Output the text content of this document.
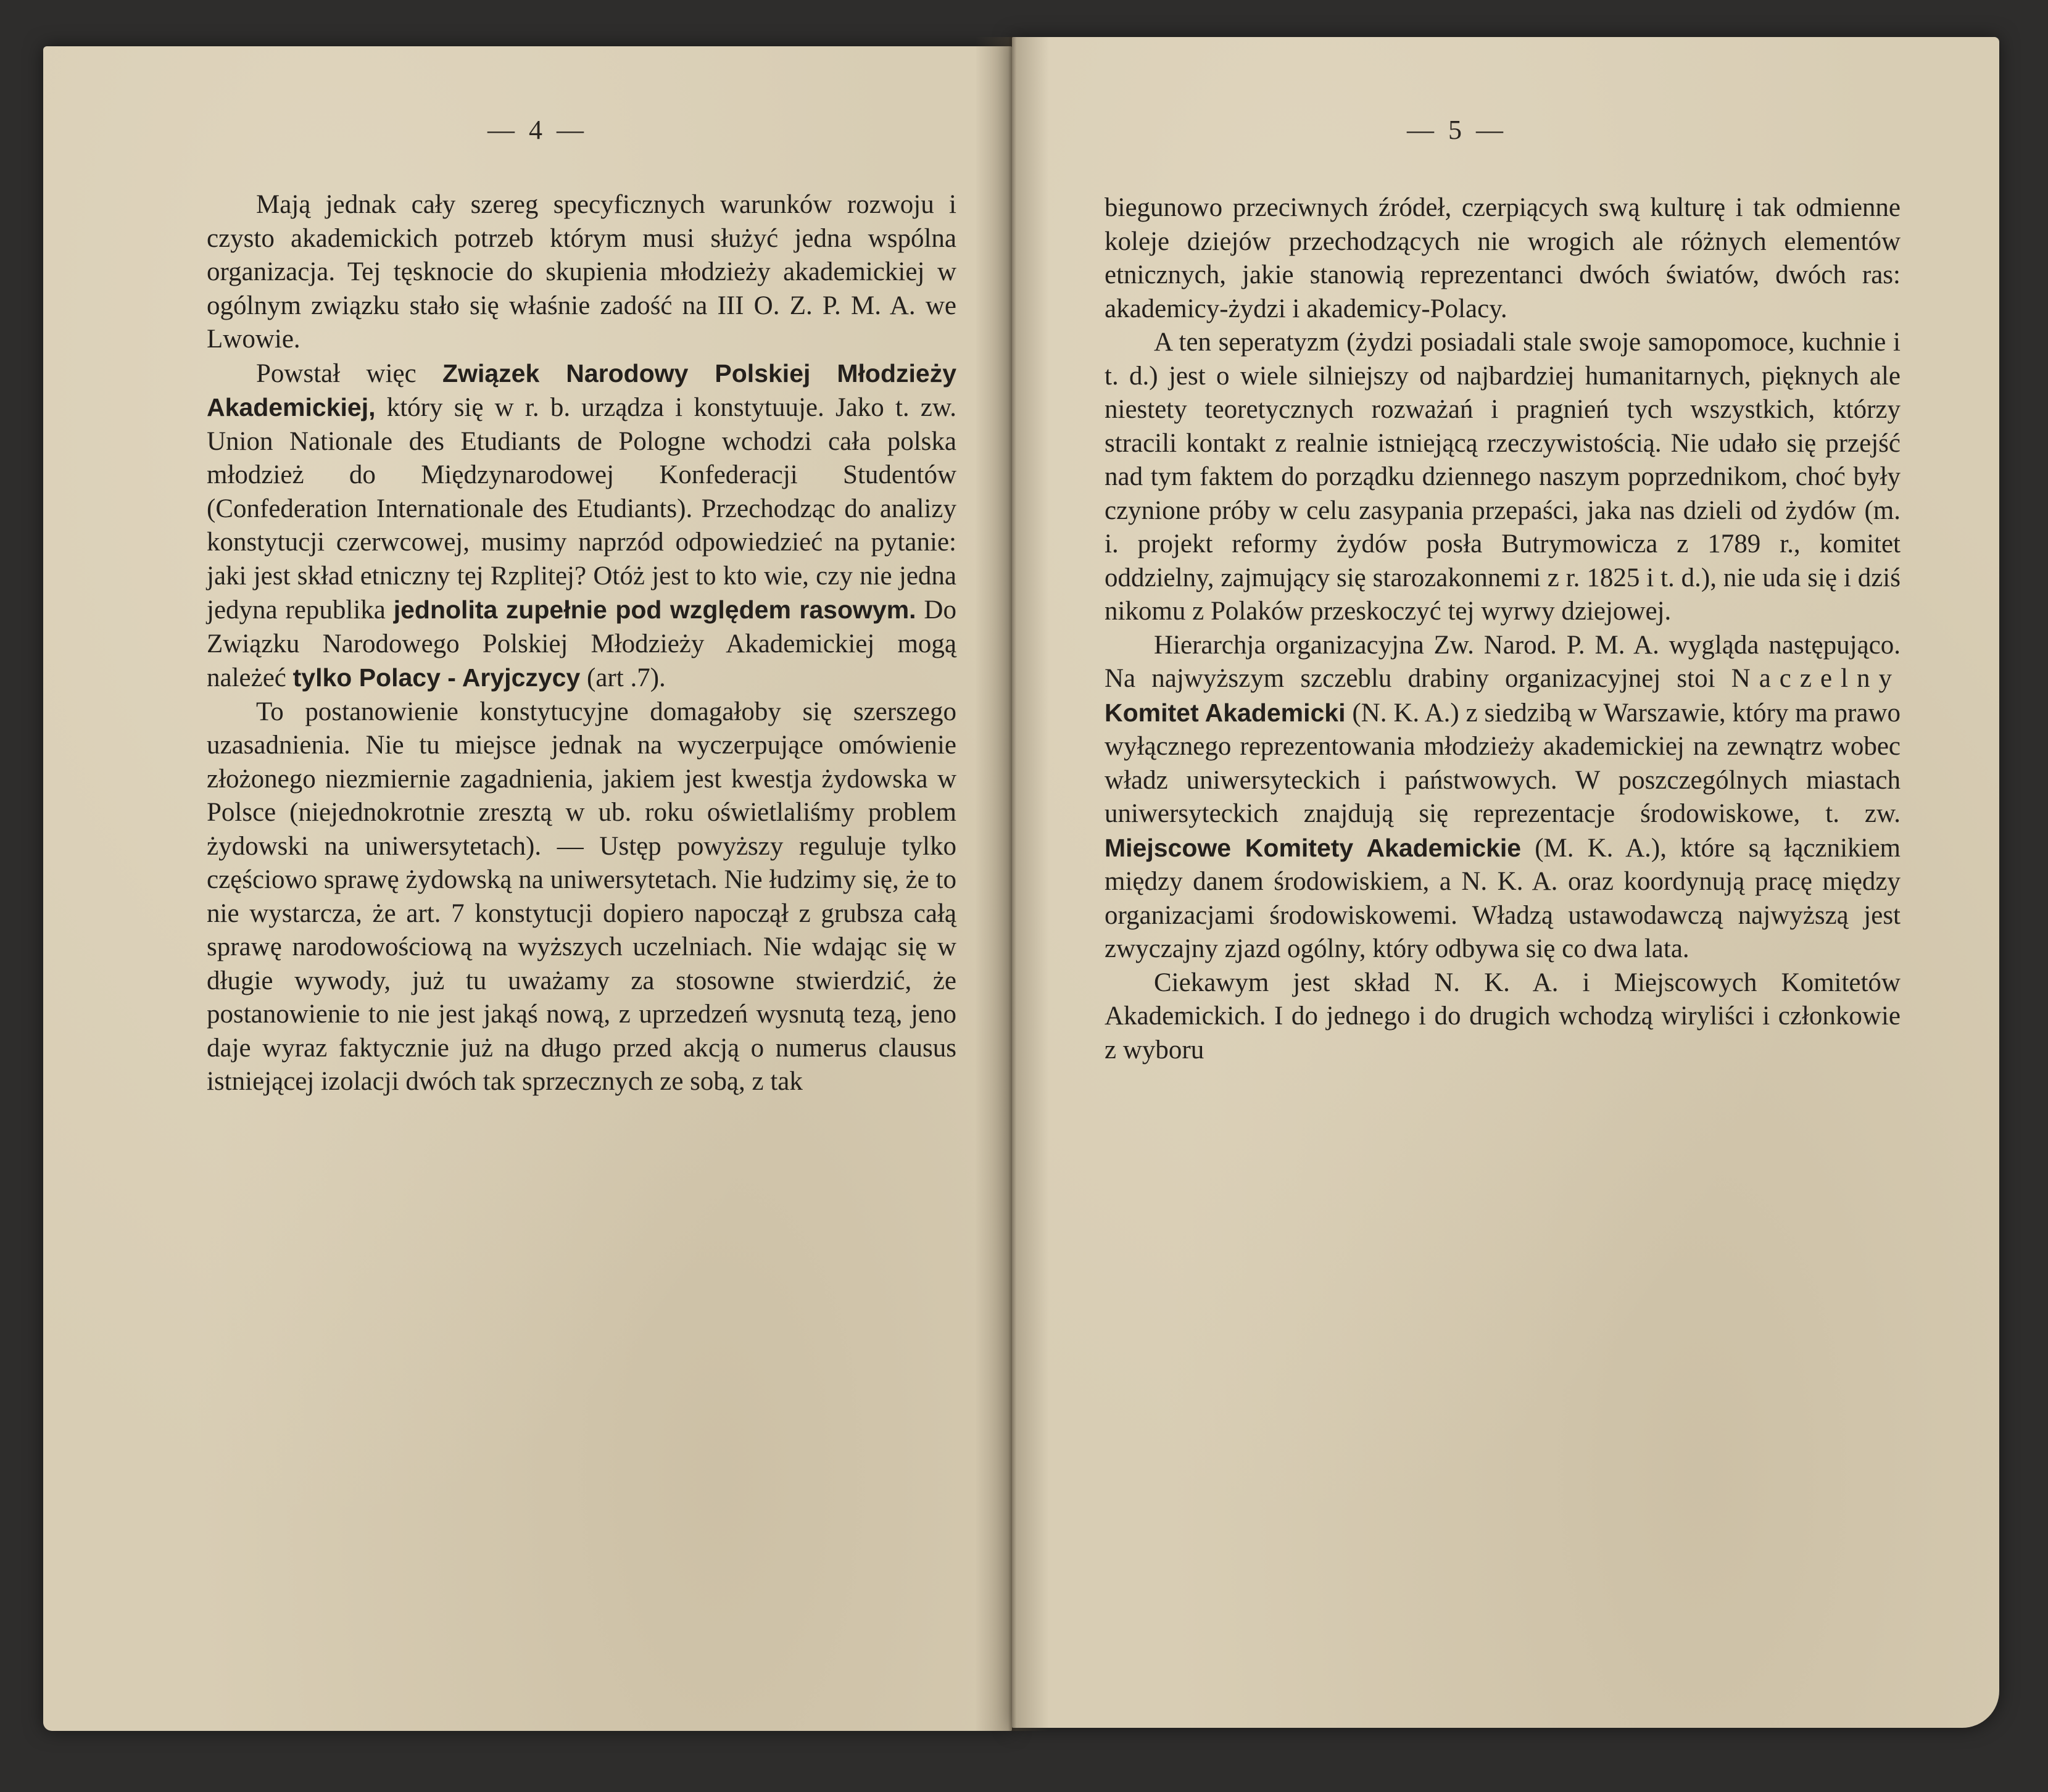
— 4 —

Mają jednak cały szereg specyficznych warunków rozwoju i czysto akademickich potrzeb którym musi służyć jedna wspólna organizacja. Tej tęsknocie do skupienia młodzieży akademickiej w ogólnym związku stało się właśnie zadość na III O. Z. P. M. A. we Lwowie.

Powstał więc Związek Narodowy Polskiej Młodzieży Akademickiej, który się w r. b. urządza i konstytuuje. Jako t. zw. Union Nationale des Etudiants de Pologne wchodzi cała polska młodzież do Międzynarodowej Konfederacji Studentów (Confederation Internationale des Etudiants). Przechodząc do analizy konstytucji czerwcowej, musimy naprzód odpowiedzieć na pytanie: jaki jest skład etniczny tej Rzplitej? Otóż jest to kto wie, czy nie jedna jedyna republika jednolita zupełnie pod względem rasowym. Do Związku Narodowego Polskiej Młodzieży Akademickiej mogą należeć tylko Polacy - Aryjczycy (art .7).

To postanowienie konstytucyjne domagałoby się szerszego uzasadnienia. Nie tu miejsce jednak na wyczerpujące omówienie złożonego niezmiernie zagadnienia, jakiem jest kwestja żydowska w Polsce (niejednokrotnie zresztą w ub. roku oświetlaliśmy problem żydowski na uniwersytetach). — Ustęp powyższy reguluje tylko częściowo sprawę żydowską na uniwersytetach. Nie łudzimy się, że to nie wystarcza, że art. 7 konstytucji dopiero napoczął z grubsza całą sprawę narodowościową na wyższych uczelniach. Nie wdając się w długie wywody, już tu uważamy za stosowne stwierdzić, że postanowienie to nie jest jakąś nową, z uprzedzeń wysnutą tezą, jeno daje wyraz faktycznie już na długo przed akcją o numerus clausus istniejącej izolacji dwóch tak sprzecznych ze sobą, z tak

— 5 —

biegunowo przeciwnych źródeł, czerpiących swą kulturę i tak odmienne koleje dziejów przechodzących nie wrogich ale różnych elementów etnicznych, jakie stanowią reprezentanci dwóch światów, dwóch ras: akademicy-żydzi i akademicy-Polacy.

A ten seperatyzm (żydzi posiadali stale swoje samopomoce, kuchnie i t. d.) jest o wiele silniejszy od najbardziej humanitarnych, pięknych ale niestety teoretycznych rozważań i pragnień tych wszystkich, którzy stracili kontakt z realnie istniejącą rzeczywistością. Nie udało się przejść nad tym faktem do porządku dziennego naszym poprzednikom, choć były czynione próby w celu zasypania przepaści, jaka nas dzieli od żydów (m. i. projekt reformy żydów posła Butrymowicza z 1789 r., komitet oddzielny, zajmujący się starozakonnemi z r. 1825 i t. d.), nie uda się i dziś nikomu z Polaków przeskoczyć tej wyrwy dziejowej.

Hierarchja organizacyjna Zw. Narod. P. M. A. wygląda następująco. Na najwyższym szczeblu drabiny organizacyjnej stoi Naczelny Komitet Akademicki (N. K. A.) z siedzibą w Warszawie, który ma prawo wyłącznego reprezentowania młodzieży akademickiej na zewnątrz wobec władz uniwersyteckich i państwowych. W poszczególnych miastach uniwersyteckich znajdują się reprezentacje środowiskowe, t. zw. Miejscowe Komitety Akademickie (M. K. A.), które są łącznikiem między danem środowiskiem, a N. K. A. oraz koordynują pracę między organizacjami środowiskowemi. Władzą ustawodawczą najwyższą jest zwyczajny zjazd ogólny, który odbywa się co dwa lata.

Ciekawym jest skład N. K. A. i Miejscowych Komitetów Akademickich. I do jednego i do drugich wchodzą wiryliści i członkowie z wyboru
